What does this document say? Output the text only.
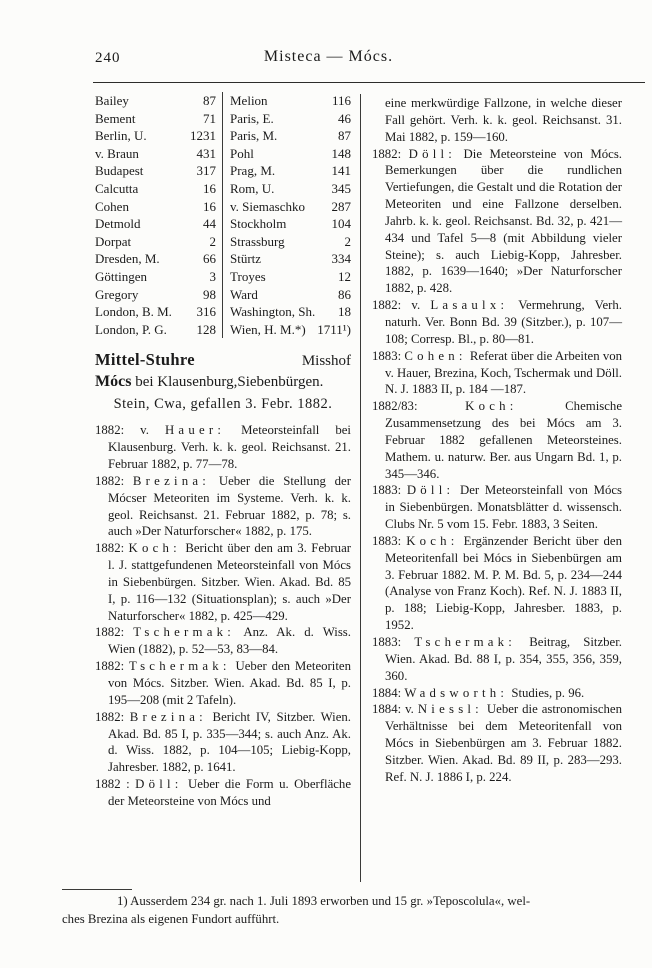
240	Misteca — Mócs.
Bailey	87 Melion	116
Bement	71 Paris, E.	46
Berlin, U.	1231 Paris, M.	87
v. Braun	431 Pohl	148
Budapest	317 Prag, M.	141
Calcutta	16 Rom, U.	345
Cohen	16 v. Siemaschko 287
Detmold	44 Stockholm	104
Dorpat	2 Strassburg	2
Dresden, M.	66 Stürtz	334
Göttingen	3 Troyes	12
Gregory	98 Ward	86
London, B. M. 316 Washington, Sh. 18
London, P. G. 128 Wien, H. M.*) 1711¹)
Mittel-Stuhre	Misshof
Mócs bei Klausenburg,Siebenbürgen.
Stein, Cwa, gefallen 3. Febr. 1882.

1882: v. Hauer: Meteorsteinfall bei Klausenburg. Verh. k. k. geol. Reichsanst. 21. Februar 1882, p. 77—78.

1882: Brezina: Ueber die Stellung der Mócser Meteoriten im Systeme. Verh. k. k. geol. Reichsanst. 21. Februar 1882, p. 78; s. auch »Der Naturforscher« 1882, p. 175.

1882: Koch: Bericht über den am 3. Februar l. J. stattgefundenen Meteorsteinfall von Mócs in Siebenbürgen. Sitzber. Wien. Akad. Bd. 85 I, p. 116—132 (Situationsplan); s. auch »Der Naturforscher« 1882, p. 425—429.

1882: Tschermak: Anz. Ak. d. Wiss. Wien (1882), p. 52—53, 83—84.

1882: Tschermak: Ueber den Meteoriten von Mócs. Sitzber. Wien. Akad. Bd. 85 I, p. 195—208 (mit 2 Tafeln).

1882: Brezina: Bericht IV, Sitzber. Wien. Akad. Bd. 85 I, p. 335—344; s. auch Anz. Ak. d. Wiss. 1882, p. 104—105; Liebig-Kopp, Jahresber. 1882, p. 1641.

1882 : Döll: Ueber die Form u. Oberfläche der Meteorsteine von Mócs und

eine merkwürdige Fallzone, in welche dieser Fall gehört. Verh. k. k. geol. Reichsanst. 31. Mai 1882, p. 159—160.

1882: Döll: Die Meteorsteine von Mócs. Bemerkungen über die rundlichen Vertiefungen, die Gestalt und die Rotation der Meteoriten und eine Fallzone derselben. Jahrb. k. k. geol. Reichsanst. Bd. 32, p. 421—434 und Tafel 5—8 (mit Abbildung vieler Steine); s. auch Liebig-Kopp, Jahresber. 1882, p. 1639—1640; »Der Naturforscher 1882, p. 428.

1882: v. Lasaulx: Vermehrung, Verh. naturh. Ver. Bonn Bd. 39 (Sitzber.), p. 107—108; Corresp. Bl., p. 80—81.

1883: Cohen: Referat über die Arbeiten von v. Hauer, Brezina, Koch, Tschermak und Döll. N. J. 1883 II, p. 184 —187.

1882/83:	Koch:	Chemische Zusammensetzung des bei Mócs am 3. Februar 1882 gefallenen Meteorsteines. Mathem. u. naturw. Ber. aus Ungarn Bd. 1, p. 345—346.

1883: Döll: Der Meteorsteinfall von Mócs in Siebenbürgen. Monatsblätter d. wissensch. Clubs Nr. 5 vom 15. Febr. 1883, 3 Seiten.

1883: Koch: Ergänzender Bericht über den Meteoritenfall bei Mócs in Siebenbürgen am 3. Februar 1882. M. P. M. Bd. 5, p. 234—244 (Analyse von Franz Koch). Ref. N. J. 1883 II, p. 188; Liebig-Kopp, Jahresber. 1883, p. 1952.

1883: Tschermak: Beitrag, Sitzber. Wien. Akad. Bd. 88 I, p. 354, 355, 356, 359, 360.

1884: Wadsworth: Studies, p. 96.

1884: v. Niessl: Ueber die astronomischen Verhältnisse bei dem Meteoritenfall von Mócs in Siebenbürgen am 3. Februar 1882. Sitzber. Wien. Akad. Bd. 89 II, p. 283—293. Ref. N. J. 1886 I, p. 224.

1) Ausserdem 234 gr. nach 1. Juli 1893 erworben und 15 gr. »Teposcolula«, wel-
ches Brezina als eigenen Fundort aufführt.
